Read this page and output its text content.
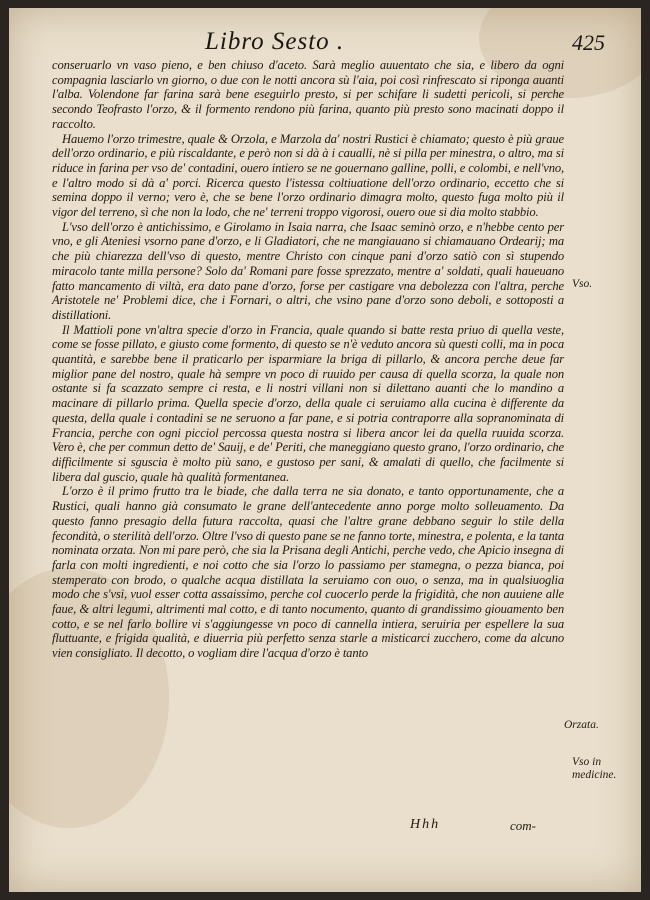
Libro Sesto .	425

conseruarlo vn vaso pieno, e ben chiuso d'aceto. Sarà meglio auuentato che sia, e libero da ogni compagnia lasciarlo vn giorno, o due con le notti ancora sù l'aia, poi così rinfrescato si riponga auanti l'alba. Volendone far farina sarà bene eseguirlo presto, si per schifare li sudetti pericoli, si perche secondo Teofrasto l'orzo, & il formento rendono più farina, quanto più presto sono macinati doppo il raccolto.

Hauemo l'orzo trimestre, quale & Orzola, e Marzola da' nostri Rustici è chiamato; questo è più graue dell'orzo ordinario, e più riscaldante, e però non si dà à i caualli, nè si pilla per minestra, o altro, ma si riduce in farina per vso de' contadini, ouero intiero se ne gouernano galline, polli, e colombi, e nell'vno, e l'altro modo si dà a' porci. Ricerca questo l'istessa coltiuatione dell'orzo ordinario, eccetto che si semina doppo il verno; vero è, che se bene l'orzo ordinario dimagra molto, questo fuga molto più il vigor del terreno, sì che non la lodo, che ne' terreni troppo vigorosi, ouero oue si dia molto stabbio.

L'vso dell'orzo è antichissimo, e Girolamo in Isaia narra, che Isaac seminò orzo, e n'hebbe cento per vno, e gli Ateniesi vsorno pane d'orzo, e li Gladiatori, che ne mangiauano si chiamauano Ordearij; ma che più chiarezza dell'vso di questo, mentre Christo con cinque pani d'orzo satiò con sì stupendo miracolo tante milla persone? Solo da' Romani pare fosse sprezzato, mentre a' soldati, quali haueuano fatto mancamento di viltà, era dato pane d'orzo, forse per castigare vna debolezza con l'altra, perche Aristotele ne' Problemi dice, che i Fornari, o altri, che vsino pane d'orzo sono deboli, e sottoposti a distillationi.

Il Mattioli pone vn'altra specie d'orzo in Francia, quale quando si batte resta priuo di quella veste, come se fosse pillato, e giusto come formento, di questo se n'è veduto ancora sù questi colli, ma in poca quantità, e sarebbe bene il praticarlo per isparmiare la briga di pillarlo, & ancora perche deue far miglior pane del nostro, quale hà sempre vn poco di ruuido per causa di quella scorza, la quale non ostante si fa scazzato sempre ci resta, e li nostri villani non si dilettano auanti che lo mandino a macinare di pillarlo prima. Quella specie d'orzo, della quale ci seruiamo alla cucina è differente da questa, della quale i contadini se ne seruono a far pane, e si potria contraporre alla sopranominata di Francia, perche con ogni picciol percossa questa nostra si libera ancor lei da quella ruuida scorza. Vero è, che per commun detto de' Sauij, e de' Periti, che maneggiano questo grano, l'orzo ordinario, che difficilmente si sguscia è molto più sano, e gustoso per sani, & amalati di quello, che facilmente si libera dal guscio, quale hà qualità formentanea.

L'orzo è il primo frutto tra le biade, che dalla terra ne sia donato, e tanto opportunamente, che a Rustici, quali hanno già consumato le grane dell'antecedente anno porge molto solleuamento. Da questo fanno presagio della futura raccolta, quasi che l'altre grane debbano seguir lo stile della fecondità, o sterilità dell'orzo. Oltre l'vso di questo pane se ne fanno torte, minestra, e polenta, e la tanta nominata orzata. Non mi pare però, che sia la Prisana degli Antichi, perche vedo, che Apicio insegna di farla con molti ingredienti, e noi cotto che sia l'orzo lo passiamo per stamegna, o pezza bianca, poi stemperato con brodo, o qualche acqua distillata la seruiamo con ouo, o senza, ma in qualsiuoglia modo che s'vsi, vuol esser cotta assaissimo, perche col cuocerlo perde la frigidità, che non auuiene alle faue, & altri legumi, altrimenti mal cotto, e di tanto nocumento, quanto di grandissimo giouamento ben cotto, e se nel farlo bollire vi s'aggiungesse vn poco di cannella intiera, seruiria per espellere la sua fluttuante, e frigida qualità, e diuerria più perfetto senza starle a misticarci zucchero, come da alcuno vien consigliato. Il decotto, o vogliam dire l'acqua d'orzo è tanto

Vso.
Orzata.
Vso in medicine.
Hhh	com-
